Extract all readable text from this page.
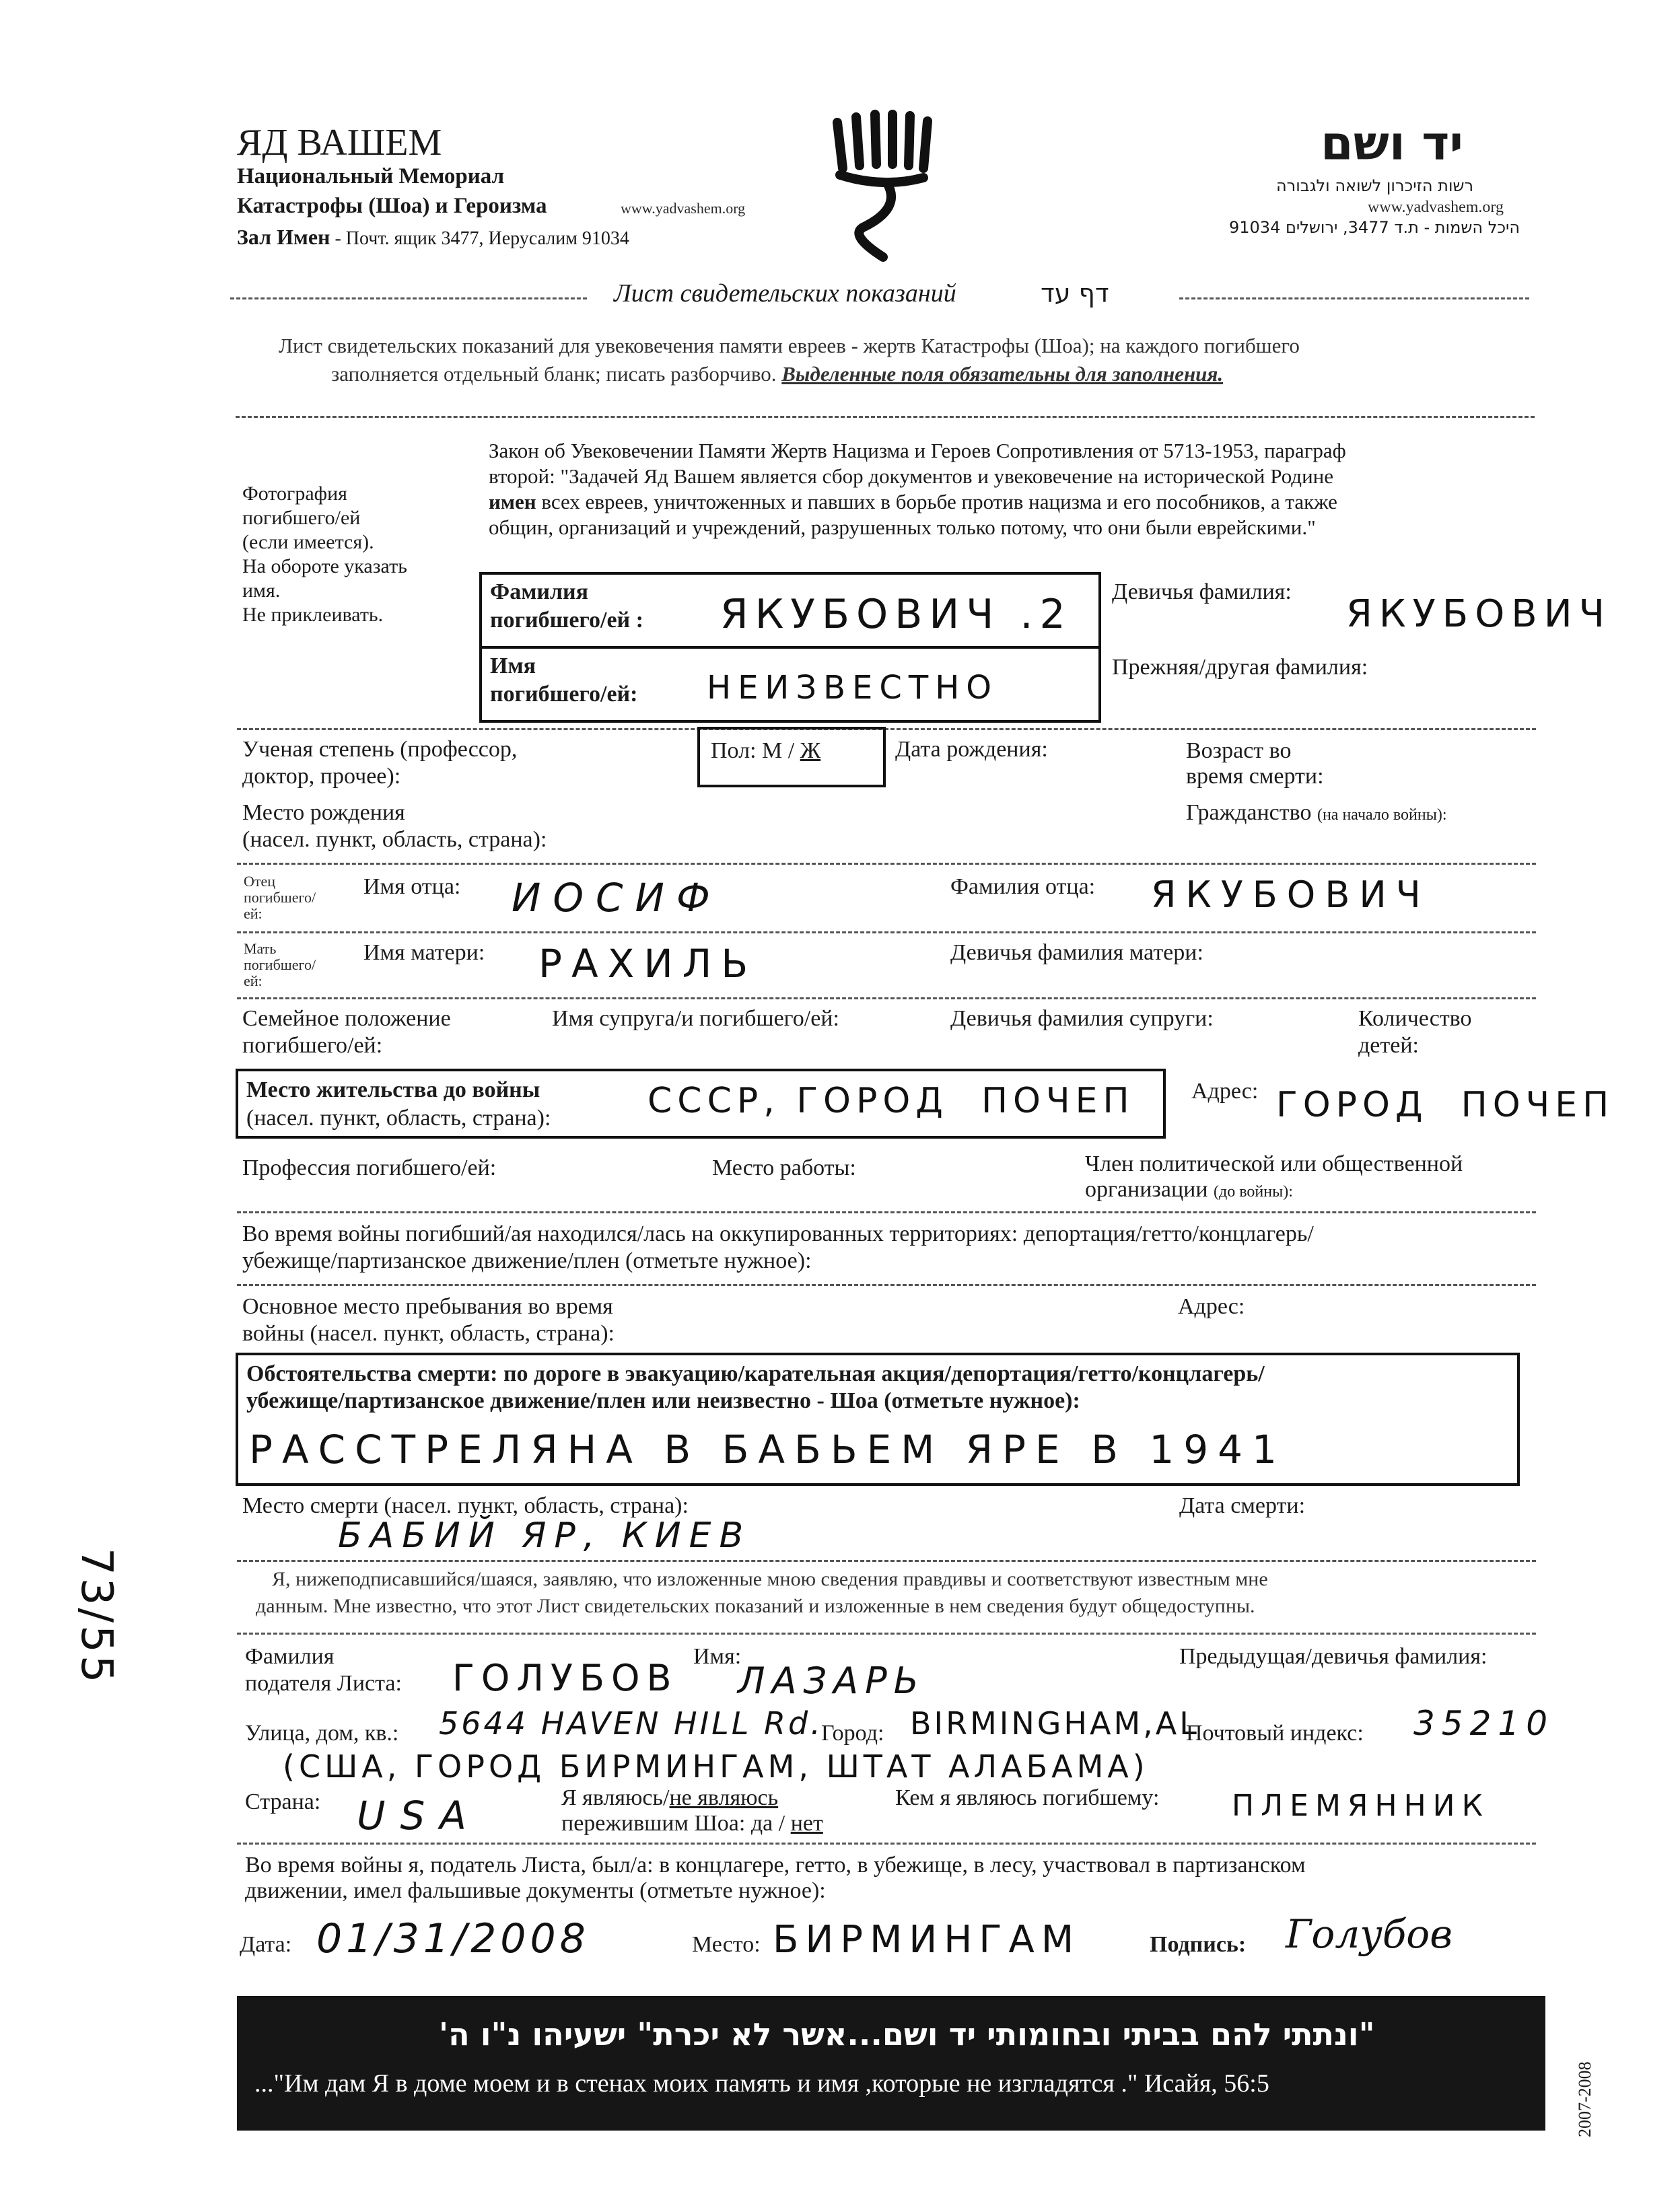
ЯД ВАШЕМ
Национальный Мемориал
Катастрофы (Шоа) и Героизма	www.yadvashem.org
Зал Имен - Почт. ящик 3477, Иерусалим 91034
יד ושם
רשות הזיכרון לשואה ולגבורה
www.yadvashem.org
היכל השמות - ת.ד 3477, ירושלים 91034
Лист свидетельских показаний	דף עד
Лист свидетельских показаний для увековечения памяти евреев - жертв Катастрофы (Шоа); на каждого погибшего
заполняется отдельный бланк; писать разборчиво. Выделенные поля обязательны для заполнения.
Фотография
погибшего/ей
(если имеется).
На обороте указать
имя.
Не приклеивать.
Закон об Увековечении Памяти Жертв Нацизма и Героев Сопротивления от 5713-1953, параграф
второй: "Задачей Яд Вашем является сбор документов и увековечение на исторической Родине
имен всех евреев, уничтоженных и павших в борьбе против нацизма и его пособников, а также
общин, организаций и учреждений, разрушенных только потому, что они были еврейскими."
Фамилия
погибшего/ей : ЯКУБОВИЧ .2
Имя
погибшего/ей: НЕИЗВЕСТНО
Девичья фамилия:
ЯКУБОВИЧ
Прежняя/другая фамилия:
Ученая степень (профессор,
доктор, прочее):
Пол: М / Ж	Дата рождения:	Возраст во
время смерти:
Место рождения
(насел. пункт, область, страна):
Гражданство (на начало войны):
Отец
погибшего/
ей:
Имя отца: ИОСИФ	Фамилия отца: ЯКУБОВИЧ
Мать
погибшего/
ей:
Имя матери: РАХИЛЬ	Девичья фамилия матери:
Семейное положение
погибшего/ей:
Имя супруга/и погибшего/ей:	Девичья фамилия супруги:	Количество
детей:
Место жительства до войны
(насел. пункт, область, страна):	СССР, ГОРОД  ПОЧЕП Адрес: ГОРОД  ПОЧЕП
Профессия погибшего/ей:	Место работы:	Член политической или общественной
организации (до войны):
Во время войны погибший/ая находился/лась на оккупированных территориях: депортация/гетто/концлагерь/
убежище/партизанское движение/плен (отметьте нужное):
Основное место пребывания во время
войны (насел. пункт, область, страна):
Адрес:
Обстоятельства смерти: по дороге в эвакуацию/карательная акция/депортация/гетто/концлагерь/
убежище/партизанское движение/плен или неизвестно - Шоа (отметьте нужное):
РАССТРЕЛЯНА В БАБЬЕМ ЯРЕ В 1941
Место смерти (насел. пункт, область, страна):
БАБИЙ ЯР, КИЕВ
Дата смерти:
73/55	Я, нижеподписавшийся/шаяся, заявляю, что изложенные мною сведения правдивы и соответствуют известным мне
данным. Мне известно, что этот Лист свидетельских показаний и изложенные в нем сведения будут общедоступны.
Фамилия
подателя Листа: ГОЛУБОВ
Имя:
ЛАЗАРЬ
Предыдущая/девичья фамилия:
Улица, дом, кв.: 5644 HAVEN HILL Rd.
Город: BIRMINGHAM,AL
Почтовый индекс: 35210
(США, ГОРОД БИРМИНГАМ, ШТАТ АЛАБАМА)
Страна: USA	Я являюсь/не являюсь
пережившим Шоа: да / нет
Кем я являюсь погибшему: ПЛЕМЯННИК
Во время войны я, податель Листа, был/а: в концлагере, гетто, в убежище, в лесу, участвовал в партизанском
движении, имел фальшивые документы (отметьте нужное):
Дата: 01/31/2008	Место: БИРМИНГАМ	Подпись: Голубов
"ונתתי להם בביתי ובחומותי יד ושם...אשר לא יכרת" ישעיהו נ"ו ה'
..."Им дам Я в доме моем и в стенах моих память и имя ,которые не изгладятся ." Исайя, 56:5	2007-2008
